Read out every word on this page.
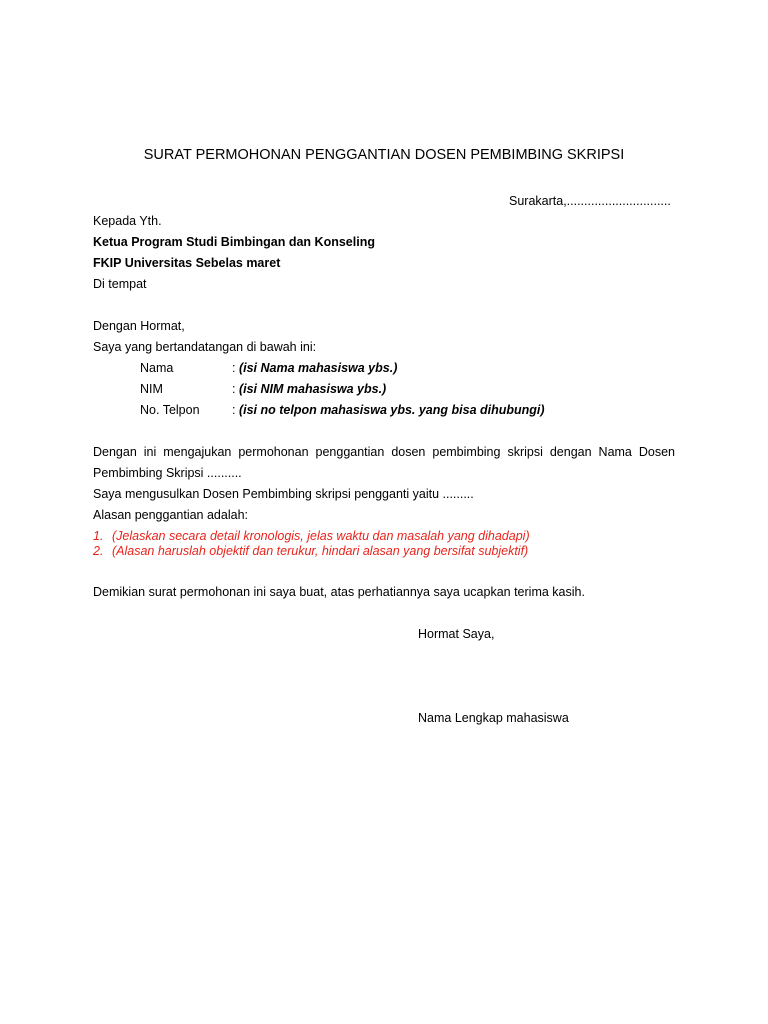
SURAT PERMOHONAN PENGGANTIAN DOSEN PEMBIMBING SKRIPSI
Surakarta,..............................
Kepada Yth.
Ketua Program Studi Bimbingan dan Konseling
FKIP Universitas Sebelas maret
Di tempat
Dengan Hormat,
Saya yang bertandatangan di bawah ini:
Nama	: (isi Nama mahasiswa ybs.)
NIM	: (isi NIM mahasiswa ybs.)
No. Telpon	: (isi no telpon mahasiswa ybs. yang bisa dihubungi)
Dengan ini mengajukan permohonan penggantian dosen pembimbing skripsi dengan Nama Dosen
Pembimbing Skripsi ..........
Saya mengusulkan Dosen Pembimbing skripsi pengganti yaitu .........
Alasan penggantian adalah:
1. (Jelaskan secara detail kronologis, jelas waktu dan masalah yang dihadapi)
2. (Alasan haruslah objektif dan terukur, hindari alasan yang bersifat subjektif)
Demikian surat permohonan ini saya buat, atas perhatiannya saya ucapkan terima kasih.
Hormat Saya,
Nama Lengkap mahasiswa
